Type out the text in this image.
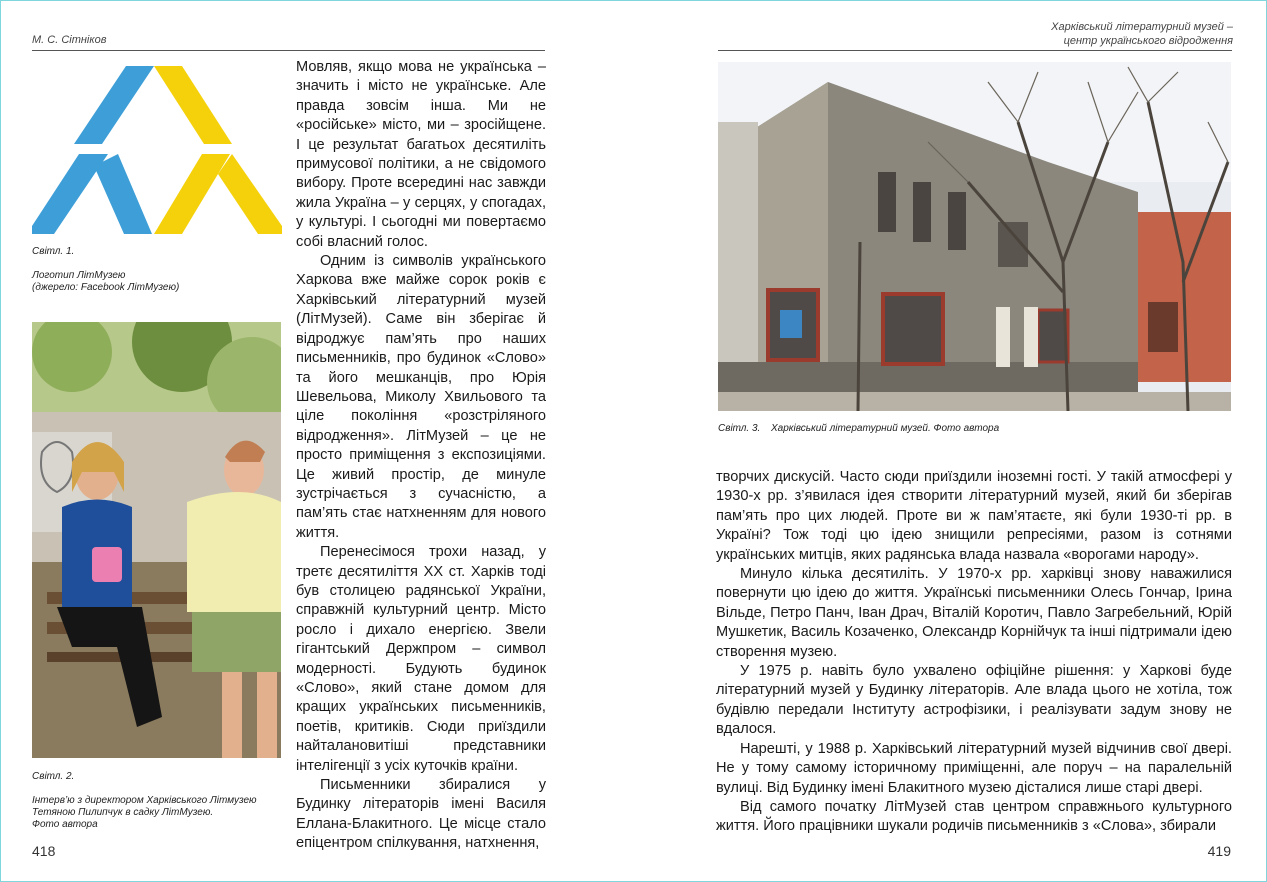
М. С. Сітніков
Світл. 1.
Логотип ЛітМузею
(джерело: Facebook ЛітМузею)
Світл. 2.
Інтерв’ю з директором Харківського Літмузею
Тетяною Пилипчук в садку ЛітМузею.
Фото автора

Мовляв, якщо мова не українська – значить і місто не українське. Але правда зовсім інша. Ми не «російське» місто, ми – зросійщене. І це результат багатьох десятиліть примусової політики, а не свідомого вибору. Проте всередині нас завжди жила Україна – у серцях, у спогадах, у культурі. І сьогодні ми повертаємо собі власний голос.

Одним із символів українського Харкова вже майже сорок років є Харківський літературний музей (ЛітМузей). Саме він зберігає й відроджує пам’ять про наших письменників, про будинок «Слово» та його мешканців, про Юрія Шевельова, Миколу Хвильового та ціле покоління «розстріляного відродження». ЛітМузей – це не просто приміщення з експозиціями. Це живий простір, де минуле зустрічається з сучасністю, а пам’ять стає натхненням для нового життя.

Перенесімося трохи назад, у третє десятиліття ХХ ст. Харків тоді був столицею радянської України, справжній культурний центр. Місто росло і дихало енергією. Звели гігантський Держпром – символ модерності. Будують будинок «Слово», який стане домом для кращих українських письменників, поетів, критиків. Сюди приїздили найталановитіші представники інтелігенції з усіх куточків країни.

Письменники збиралися у Будинку літераторів імені Василя Еллана-Блакитного. Це місце стало епіцентром спілкування, натхнення,

418
Харківський літературний музей –
центр українського відродження
Світл. 3. Харківський літературний музей. Фото автора

творчих дискусій. Часто сюди приїздили іноземні гості. У такій атмосфері у 1930-х рр. з’явилася ідея створити літературний музей, який би зберігав пам’ять про цих людей. Проте ви ж пам’ятаєте, які були 1930-ті рр. в Україні? Тож тоді цю ідею знищили репресіями, разом із сотнями українських митців, яких радянська влада назвала «ворогами народу».

Минуло кілька десятиліть. У 1970-х рр. харківці знову наважилися повернути цю ідею до життя. Українські письменники Олесь Гончар, Ірина Вільде, Петро Панч, Іван Драч, Віталій Коротич, Павло Загребельний, Юрій Мушкетик, Василь Козаченко, Олександр Корнійчук та інші підтримали ідею створення музею.

У 1975 р. навіть було ухвалено офіційне рішення: у Харкові буде літературний музей у Будинку літераторів. Але влада цього не хотіла, тож будівлю передали Інституту астрофізики, і реалізувати задум знову не вдалося.

Нарешті, у 1988 р. Харківський літературний музей відчинив свої двері. Не у тому самому історичному приміщенні, але поруч – на паралельній вулиці. Від Будинку імені Блакитного музею дісталися лише старі двері.

Від самого початку ЛітМузей став центром справжнього культурного життя. Його працівники шукали родичів письменників з «Слова», збирали

419
